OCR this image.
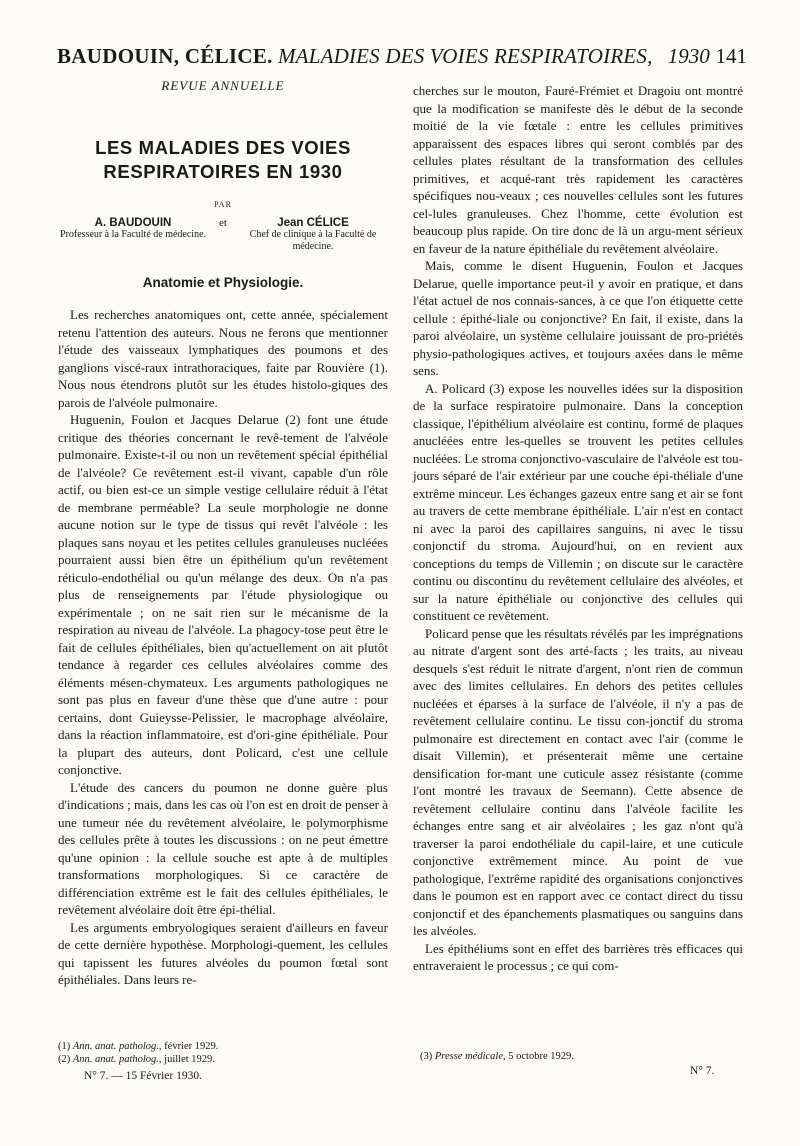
BAUDOUIN, CÉLICE. MALADIES DES VOIES RESPIRATOIRES, 1930 141
REVUE ANNUELLE
LES MALADIES DES VOIES
RESPIRATOIRES EN 1930
PAR
A. BAUDOUIN
Professeur à la Faculté de médecine.
et	Jean CÉLICE
Chef de clinique à la Faculté de médecine.
Anatomie et Physiologie.

Les recherches anatomiques ont, cette année, spécialement retenu l'attention des auteurs. Nous ne ferons que mentionner l'étude des vaisseaux lymphatiques des poumons et des ganglions viscé-raux intrathoraciques, faite par Rouvière (1). Nous nous étendrons plutôt sur les études histolo-giques des parois de l'alvéole pulmonaire.

Huguenin, Foulon et Jacques Delarue (2) font une étude critique des théories concernant le revê-tement de l'alvéole pulmonaire. Existe-t-il ou non un revêtement spécial épithélial de l'alvéole? Ce revêtement est-il vivant, capable d'un rôle actif, ou bien est-ce un simple vestige cellulaire réduit à l'état de membrane perméable? La seule morphologie ne donne aucune notion sur le type de tissus qui revêt l'alvéole : les plaques sans noyau et les petites cellules granuleuses nucléées pourraient aussi bien être un épithélium qu'un revêtement réticulo-endothélial ou qu'un mélange des deux. On n'a pas plus de renseignements par l'étude physiologique ou expérimentale ; on ne sait rien sur le mécanisme de la respiration au niveau de l'alvéole. La phagocy-tose peut être le fait de cellules épithéliales, bien qu'actuellement on ait plutôt tendance à regarder ces cellules alvéolaires comme des éléments mésen-chymateux. Les arguments pathologiques ne sont pas plus en faveur d'une thèse que d'une autre : pour certains, dont Guieysse-Pelissier, le macrophage alvéolaire, dans la réaction inflammatoire, est d'ori-gine épithéliale. Pour la plupart des auteurs, dont Policard, c'est une cellule conjonctive.

L'étude des cancers du poumon ne donne guère plus d'indications ; mais, dans les cas où l'on est en droit de penser à une tumeur née du revêtement alvéolaire, le polymorphisme des cellules prête à toutes les discussions : on ne peut émettre qu'une opinion : la cellule souche est apte à de multiples transformations morphologiques. Si ce caractère de différenciation extrême est le fait des cellules épithéliales, le revêtement alvéolaire doit être épi-thélial.

Les arguments embryologiques seraient d'ailleurs en faveur de cette dernière hypothèse. Morphologi-quement, les cellules qui tapissent les futures alvéoles du poumon fœtal sont épithéliales. Dans leurs re-

cherches sur le mouton, Fauré-Frémiet et Dragoiu ont montré que la modification se manifeste dès le début de la seconde moitié de la vie fœtale : entre les cellules primitives apparaissent des espaces libres qui seront comblés par des cellules plates résultant de la transformation des cellules primitives, et acqué-rant très rapidement les caractères spécifiques nou-veaux ; ces nouvelles cellules sont les futures cel-lules granuleuses. Chez l'homme, cette évolution est beaucoup plus rapide. On tire donc de là un argu-ment sérieux en faveur de la nature épithéliale du revêtement alvéolaire.

Mais, comme le disent Huguenin, Foulon et Jacques Delarue, quelle importance peut-il y avoir en pratique, et dans l'état actuel de nos connais-sances, à ce que l'on étiquette cette cellule : épithé-liale ou conjonctive? En fait, il existe, dans la paroi alvéolaire, un système cellulaire jouissant de pro-priétés physio-pathologiques actives, et toujours axées dans le même sens.

A. Policard (3) expose les nouvelles idées sur la disposition de la surface respiratoire pulmonaire. Dans la conception classique, l'épithélium alvéolaire est continu, formé de plaques anucléées entre les-quelles se trouvent les petites cellules nucléées. Le stroma conjonctivo-vasculaire de l'alvéole est tou-jours séparé de l'air extérieur par une couche épi-théliale d'une extrême minceur. Les échanges gazeux entre sang et air se font au travers de cette membrane épithéliale. L'air n'est en contact ni avec la paroi des capillaires sanguins, ni avec le tissu conjonctif du stroma. Aujourd'hui, on en revient aux conceptions du temps de Villemin ; on discute sur le caractère continu ou discontinu du revêtement cellulaire des alvéoles, et sur la nature épithéliale ou conjonctive des cellules qui constituent ce revêtement.

Policard pense que les résultats révélés par les imprégnations au nitrate d'argent sont des arté-facts ; les traits, au niveau desquels s'est réduit le nitrate d'argent, n'ont rien de commun avec des limites cellulaires. En dehors des petites cellules nucléées et éparses à la surface de l'alvéole, il n'y a pas de revêtement cellulaire continu. Le tissu con-jonctif du stroma pulmonaire est directement en contact avec l'air (comme le disait Villemin), et présenterait même une certaine densification for-mant une cuticule assez résistante (comme l'ont montré les travaux de Seemann). Cette absence de revêtement cellulaire continu dans l'alvéole facilite les échanges entre sang et air alvéolaires ; les gaz n'ont qu'à traverser la paroi endothéliale du capil-laire, et une cuticule conjonctive extrêmement mince. Au point de vue pathologique, l'extrême rapidité des organisations conjonctives dans le poumon est en rapport avec ce contact direct du tissu conjonctif et des épanchements plasmatiques ou sanguins dans les alvéoles.

Les épithéliums sont en effet des barrières très efficaces qui entraveraient le processus ; ce qui com-

(1) Ann. anat. patholog., février 1929.
(2) Ann. anat. patholog., juillet 1929.
N° 7. — 15 Février 1930.
(3) Presse médicale, 5 octobre 1929.
N° 7.
